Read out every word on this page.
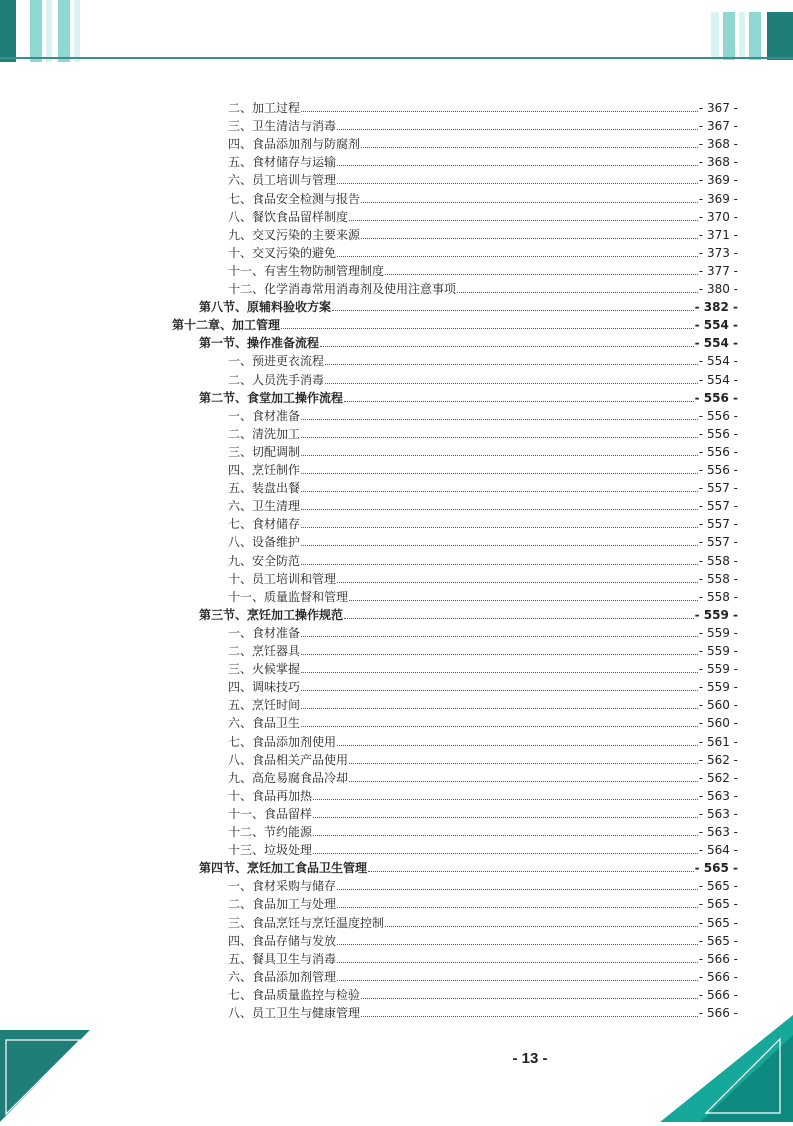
二、加工过程	- 367 -
三、卫生清洁与消毒	- 367 -
四、食品添加剂与防腐剂	- 368 -
五、食材储存与运输	- 368 -
六、员工培训与管理	- 369 -
七、食品安全检测与报告	- 369 -
八、餐饮食品留样制度	- 370 -
九、交叉污染的主要来源	- 371 -
十、交叉污染的避免	- 373 -
十一、有害生物防制管理制度	- 377 -
十二、化学消毒常用消毒剂及使用注意事项	- 380 -
第八节、原辅料验收方案	- 382 -
第十二章、加工管理	- 554 -
第一节、操作准备流程	- 554 -
一、预进更衣流程	- 554 -
二、人员洗手消毒	- 554 -
第二节、食堂加工操作流程	- 556 -
一、食材准备	- 556 -
二、清洗加工	- 556 -
三、切配调制	- 556 -
四、烹饪制作	- 556 -
五、装盘出餐	- 557 -
六、卫生清理	- 557 -
七、食材储存	- 557 -
八、设备维护	- 557 -
九、安全防范	- 558 -
十、员工培训和管理	- 558 -
十一、质量监督和管理	- 558 -
第三节、烹饪加工操作规范	- 559 -
一、食材准备	- 559 -
二、烹饪器具	- 559 -
三、火候掌握	- 559 -
四、调味技巧	- 559 -
五、烹饪时间	- 560 -
六、食品卫生	- 560 -
七、食品添加剂使用	- 561 -
八、食品相关产品使用	- 562 -
九、高危易腐食品冷却	- 562 -
十、食品再加热	- 563 -
十一、食品留样	- 563 -
十二、节约能源	- 563 -
十三、垃圾处理	- 564 -
第四节、烹饪加工食品卫生管理	- 565 -
一、食材采购与储存	- 565 -
二、食品加工与处理	- 565 -
三、食品烹饪与烹饪温度控制	- 565 -
四、食品存储与发放	- 565 -
五、餐具卫生与消毒	- 566 -
六、食品添加剂管理	- 566 -
七、食品质量监控与检验	- 566 -
八、员工卫生与健康管理	- 566 -
- 13 -
